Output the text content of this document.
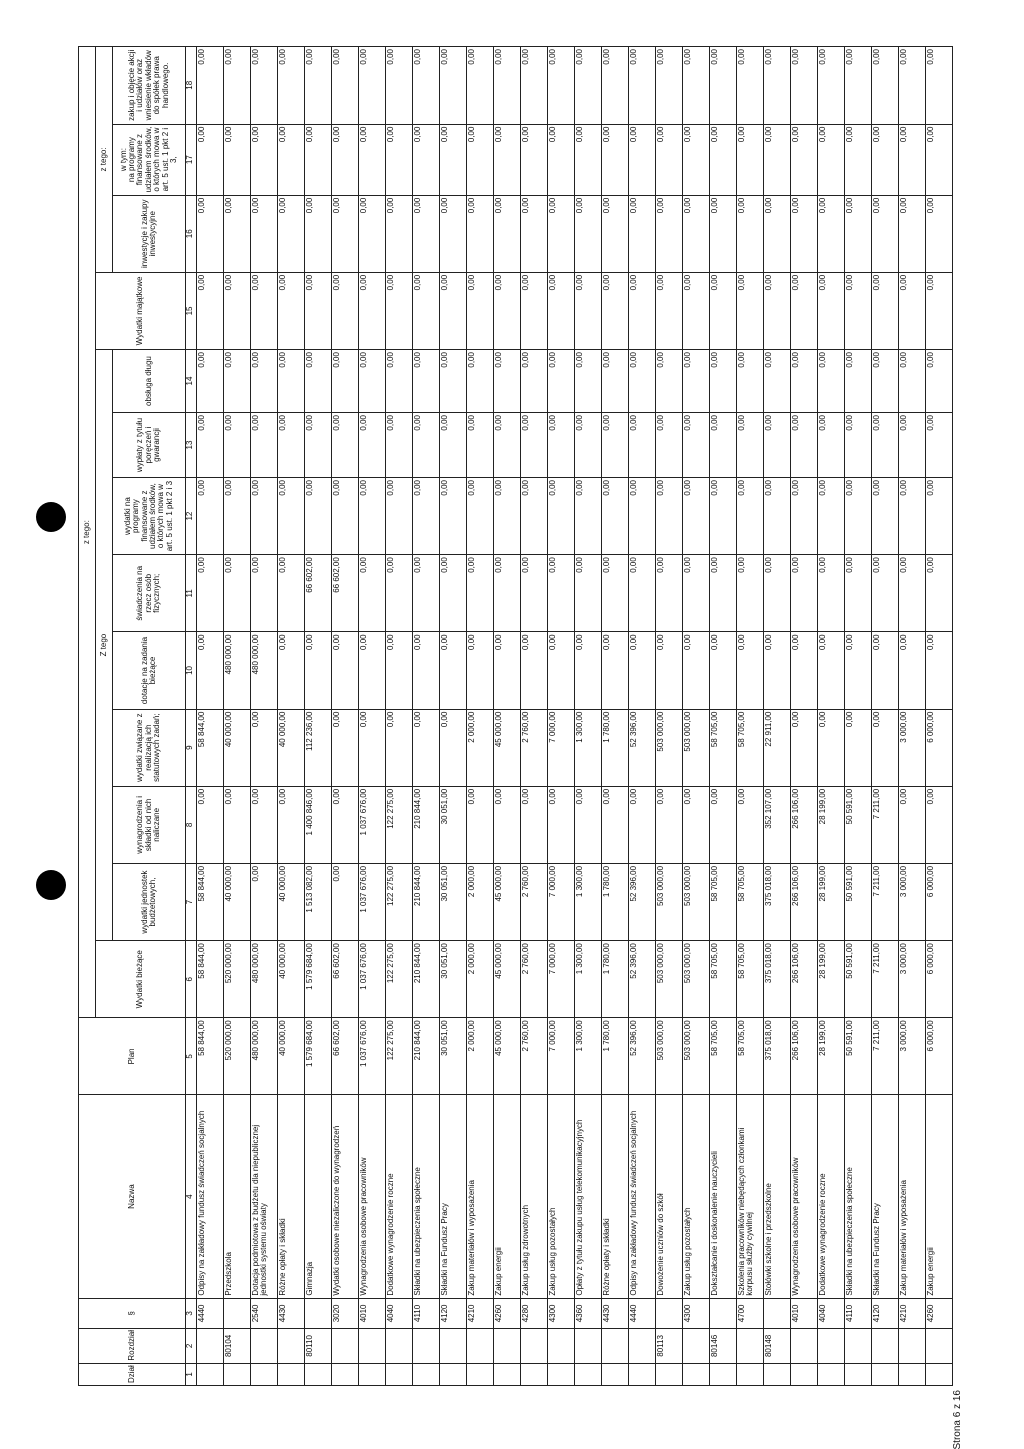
Strona 6 z 16
Dział	Rozdział	§	Nazwa	Plan	z tego:												
					Wydatki bieżące	Z tego								Wydatki majątkowe	z tego:		
						wydatki jednostek budżetowych,	wynagrodzenia i składki od nich naliczane	wydatki związane z realizacją ich statutowych zadań;	dotacje na zadania bieżące	świadczenia na rzecz osób fizycznych;	wydatki na programy finansowane z udziałem środków, o których mowa w art. 5 ust. 1 pkt 2 i 3	wypłaty z tytułu poręczeń i gwarancji	obsługa długu		inwestycje i zakupy inwestycyjne	w tym:
na programy finansowane z udziałem środków, o których mowa w art. 5 ust. 1 pkt 2 i 3,	zakup i objęcie akcji i udziałów oraz wniesienie wkładów do spółek prawa handlowego.
1	2	3	4	5	6	7	8	9	10	11	12	13	14	15	16	17	18
		4440	Odpisy na zakładowy fundusz świadczeń socjalnych	58 844,00	58 844,00	58 844,00	0,00	58 844,00	0,00	0,00	0,00	0,00	0,00	0,00	0,00	0,00	0,00
	80104		Przedszkola	520 000,00	520 000,00	40 000,00	0,00	40 000,00	480 000,00	0,00	0,00	0,00	0,00	0,00	0,00	0,00	0,00
		2540	Dotacja podmiotowa z budżetu dla niepublicznej jednostki systemu oświaty	480 000,00	480 000,00	0,00	0,00	0,00	480 000,00	0,00	0,00	0,00	0,00	0,00	0,00	0,00	0,00
		4430	Różne opłaty i składki	40 000,00	40 000,00	40 000,00	0,00	40 000,00	0,00	0,00	0,00	0,00	0,00	0,00	0,00	0,00	0,00
	80110		Gimnazja	1 579 684,00	1 579 684,00	1 513 082,00	1 400 846,00	112 236,00	0,00	66 602,00	0,00	0,00	0,00	0,00	0,00	0,00	0,00
		3020	Wydatki osobowe niezaliczone do wynagrodzeń	66 602,00	66 602,00	0,00	0,00	0,00	0,00	66 602,00	0,00	0,00	0,00	0,00	0,00	0,00	0,00
		4010	Wynagrodzenia osobowe pracowników	1 037 676,00	1 037 676,00	1 037 676,00	1 037 676,00	0,00	0,00	0,00	0,00	0,00	0,00	0,00	0,00	0,00	0,00
		4040	Dodatkowe wynagrodzenie roczne	122 275,00	122 275,00	122 275,00	122 275,00	0,00	0,00	0,00	0,00	0,00	0,00	0,00	0,00	0,00	0,00
		4110	Składki na ubezpieczenia społeczne	210 844,00	210 844,00	210 844,00	210 844,00	0,00	0,00	0,00	0,00	0,00	0,00	0,00	0,00	0,00	0,00
		4120	Składki na Fundusz Pracy	30 051,00	30 051,00	30 051,00	30 051,00	0,00	0,00	0,00	0,00	0,00	0,00	0,00	0,00	0,00	0,00
		4210	Zakup materiałów i wyposażenia	2 000,00	2 000,00	2 000,00	0,00	2 000,00	0,00	0,00	0,00	0,00	0,00	0,00	0,00	0,00	0,00
		4260	Zakup energii	45 000,00	45 000,00	45 000,00	0,00	45 000,00	0,00	0,00	0,00	0,00	0,00	0,00	0,00	0,00	0,00
		4280	Zakup usług zdrowotnych	2 760,00	2 760,00	2 760,00	0,00	2 760,00	0,00	0,00	0,00	0,00	0,00	0,00	0,00	0,00	0,00
		4300	Zakup usług pozostałych	7 000,00	7 000,00	7 000,00	0,00	7 000,00	0,00	0,00	0,00	0,00	0,00	0,00	0,00	0,00	0,00
		4360	Opłaty z tytułu zakupu usług telekomunikacyjnych	1 300,00	1 300,00	1 300,00	0,00	1 300,00	0,00	0,00	0,00	0,00	0,00	0,00	0,00	0,00	0,00
		4430	Różne opłaty i składki	1 780,00	1 780,00	1 780,00	0,00	1 780,00	0,00	0,00	0,00	0,00	0,00	0,00	0,00	0,00	0,00
		4440	Odpisy na zakładowy fundusz świadczeń socjalnych	52 396,00	52 396,00	52 396,00	0,00	52 396,00	0,00	0,00	0,00	0,00	0,00	0,00	0,00	0,00	0,00
	80113		Dowożenie uczniów do szkół	503 000,00	503 000,00	503 000,00	0,00	503 000,00	0,00	0,00	0,00	0,00	0,00	0,00	0,00	0,00	0,00
		4300	Zakup usług pozostałych	503 000,00	503 000,00	503 000,00	0,00	503 000,00	0,00	0,00	0,00	0,00	0,00	0,00	0,00	0,00	0,00
	80146		Dokształcanie i doskonalenie nauczycieli	58 705,00	58 705,00	58 705,00	0,00	58 705,00	0,00	0,00	0,00	0,00	0,00	0,00	0,00	0,00	0,00
		4700	Szkolenia pracowników niebędących członkami korpusu służby cywilnej	58 705,00	58 705,00	58 705,00	0,00	58 705,00	0,00	0,00	0,00	0,00	0,00	0,00	0,00	0,00	0,00
	80148		Stołówki szkolne i przedszkolne	375 018,00	375 018,00	375 018,00	352 107,00	22 911,00	0,00	0,00	0,00	0,00	0,00	0,00	0,00	0,00	0,00
		4010	Wynagrodzenia osobowe pracowników	266 106,00	266 106,00	266 106,00	266 106,00	0,00	0,00	0,00	0,00	0,00	0,00	0,00	0,00	0,00	0,00
		4040	Dodatkowe wynagrodzenie roczne	28 199,00	28 199,00	28 199,00	28 199,00	0,00	0,00	0,00	0,00	0,00	0,00	0,00	0,00	0,00	0,00
		4110	Składki na ubezpieczenia społeczne	50 591,00	50 591,00	50 591,00	50 591,00	0,00	0,00	0,00	0,00	0,00	0,00	0,00	0,00	0,00	0,00
		4120	Składki na Fundusz Pracy	7 211,00	7 211,00	7 211,00	7 211,00	0,00	0,00	0,00	0,00	0,00	0,00	0,00	0,00	0,00	0,00
		4210	Zakup materiałów i wyposażenia	3 000,00	3 000,00	3 000,00	0,00	3 000,00	0,00	0,00	0,00	0,00	0,00	0,00	0,00	0,00	0,00
		4260	Zakup energii	6 000,00	6 000,00	6 000,00	0,00	6 000,00	0,00	0,00	0,00	0,00	0,00	0,00	0,00	0,00	0,00
